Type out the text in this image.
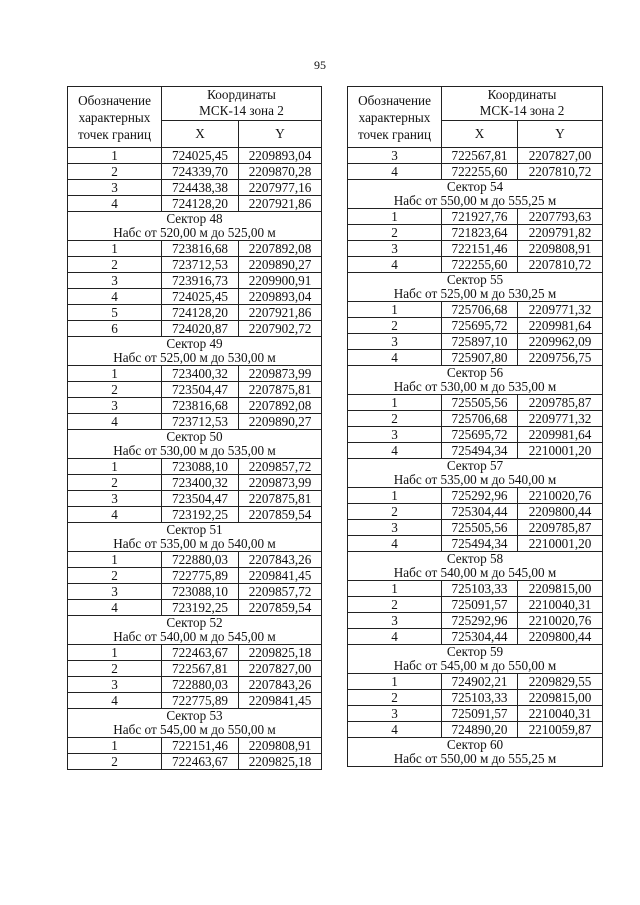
95
Обозначение
характерных
точек границ	Координаты
МСК-14 зона 2	
	X	Y
1	724025,45	2209893,04
2	724339,70	2209870,28
3	724438,38	2207977,16
4	724128,20	2207921,86
Сектор 48		
Набс от 520,00 м до 525,00 м		
1	723816,68	2207892,08
2	723712,53	2209890,27
3	723916,73	2209900,91
4	724025,45	2209893,04
5	724128,20	2207921,86
6	724020,87	2207902,72
Сектор 49		
Набс от 525,00 м до 530,00 м		
1	723400,32	2209873,99
2	723504,47	2207875,81
3	723816,68	2207892,08
4	723712,53	2209890,27
Сектор 50		
Набс от 530,00 м до 535,00 м		
1	723088,10	2209857,72
2	723400,32	2209873,99
3	723504,47	2207875,81
4	723192,25	2207859,54
Сектор 51		
Набс от 535,00 м до 540,00 м		
1	722880,03	2207843,26
2	722775,89	2209841,45
3	723088,10	2209857,72
4	723192,25	2207859,54
Сектор 52		
Набс от 540,00 м до 545,00 м		
1	722463,67	2209825,18
2	722567,81	2207827,00
3	722880,03	2207843,26
4	722775,89	2209841,45
Сектор 53		
Набс от 545,00 м до 550,00 м		
1	722151,46	2209808,91
2	722463,67	2209825,18
Обозначение
характерных
точек границ	Координаты
МСК-14 зона 2	
	X	Y
3	722567,81	2207827,00
4	722255,60	2207810,72
Сектор 54		
Набс от 550,00 м до 555,25 м		
1	721927,76	2207793,63
2	721823,64	2209791,82
3	722151,46	2209808,91
4	722255,60	2207810,72
Сектор 55		
Набс от 525,00 м до 530,25 м		
1	725706,68	2209771,32
2	725695,72	2209981,64
3	725897,10	2209962,09
4	725907,80	2209756,75
Сектор 56		
Набс от 530,00 м до 535,00 м		
1	725505,56	2209785,87
2	725706,68	2209771,32
3	725695,72	2209981,64
4	725494,34	2210001,20
Сектор 57		
Набс от 535,00 м до 540,00 м		
1	725292,96	2210020,76
2	725304,44	2209800,44
3	725505,56	2209785,87
4	725494,34	2210001,20
Сектор 58		
Набс от 540,00 м до 545,00 м		
1	725103,33	2209815,00
2	725091,57	2210040,31
3	725292,96	2210020,76
4	725304,44	2209800,44
Сектор 59		
Набс от 545,00 м до 550,00 м		
1	724902,21	2209829,55
2	725103,33	2209815,00
3	725091,57	2210040,31
4	724890,20	2210059,87
Сектор 60		
Набс от 550,00 м до 555,25 м		
